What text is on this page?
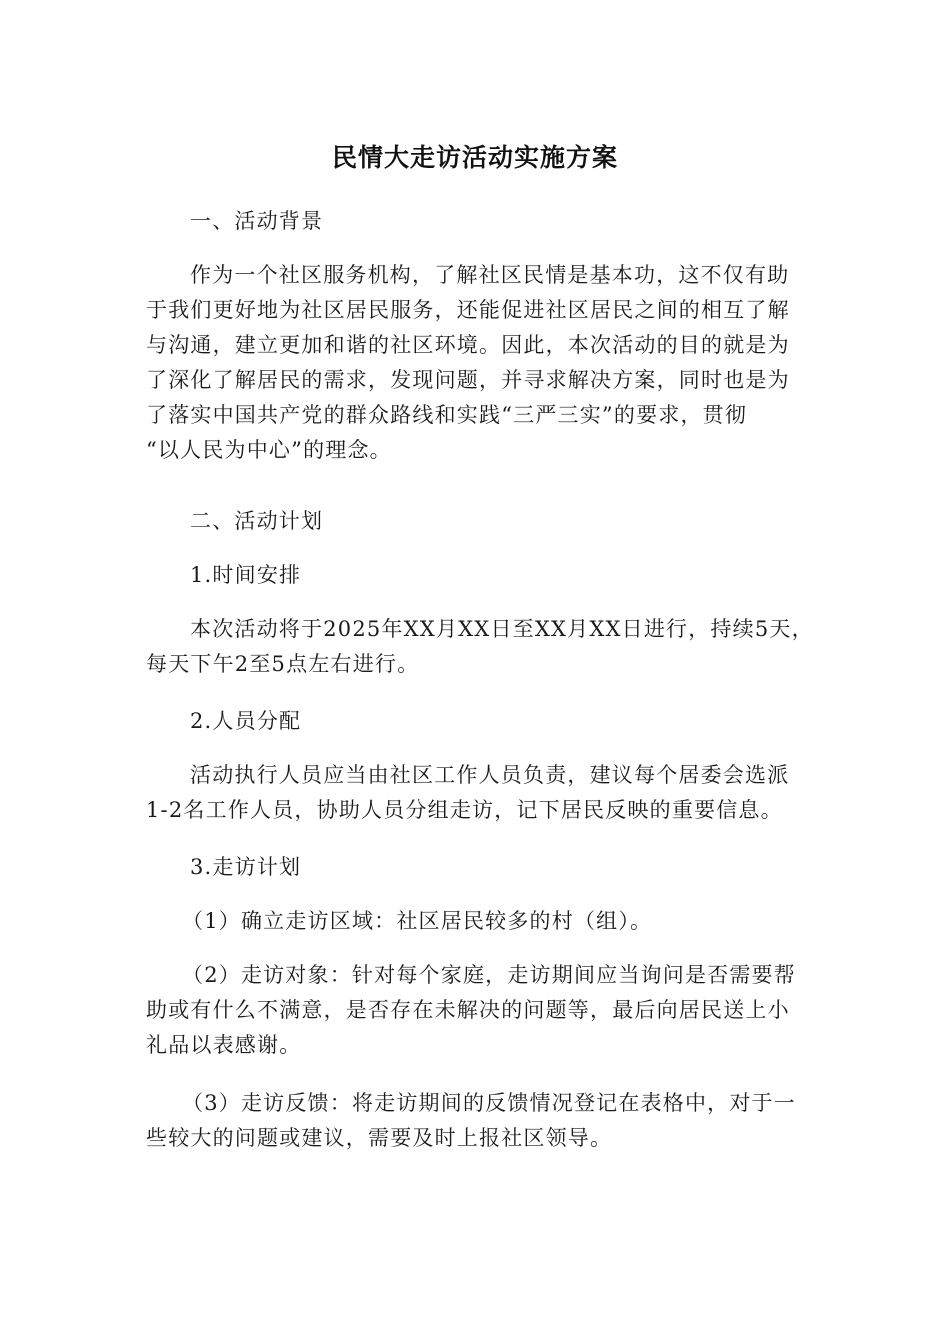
民情大走访活动实施方案

一、活动背景

作为一个社区服务机构，了解社区民情是基本功，这不仅有助
于我们更好地为社区居民服务，还能促进社区居民之间的相互了解
与沟通，建立更加和谐的社区环境。因此，本次活动的目的就是为
了深化了解居民的需求，发现问题，并寻求解决方案，同时也是为
了落实中国共产党的群众路线和实践“三严三实”的要求，贯彻
“以人民为中心”的理念。

二、活动计划

1.时间安排

本次活动将于2025年XX月XX日至XX月XX日进行，持续5天，
每天下午2至5点左右进行。

2.人员分配

活动执行人员应当由社区工作人员负责，建议每个居委会选派
1-2名工作人员，协助人员分组走访，记下居民反映的重要信息。

3.走访计划

（1）确立走访区域：社区居民较多的村（组）。

（2）走访对象：针对每个家庭，走访期间应当询问是否需要帮
助或有什么不满意，是否存在未解决的问题等，最后向居民送上小
礼品以表感谢。

（3）走访反馈：将走访期间的反馈情况登记在表格中，对于一
些较大的问题或建议，需要及时上报社区领导。
